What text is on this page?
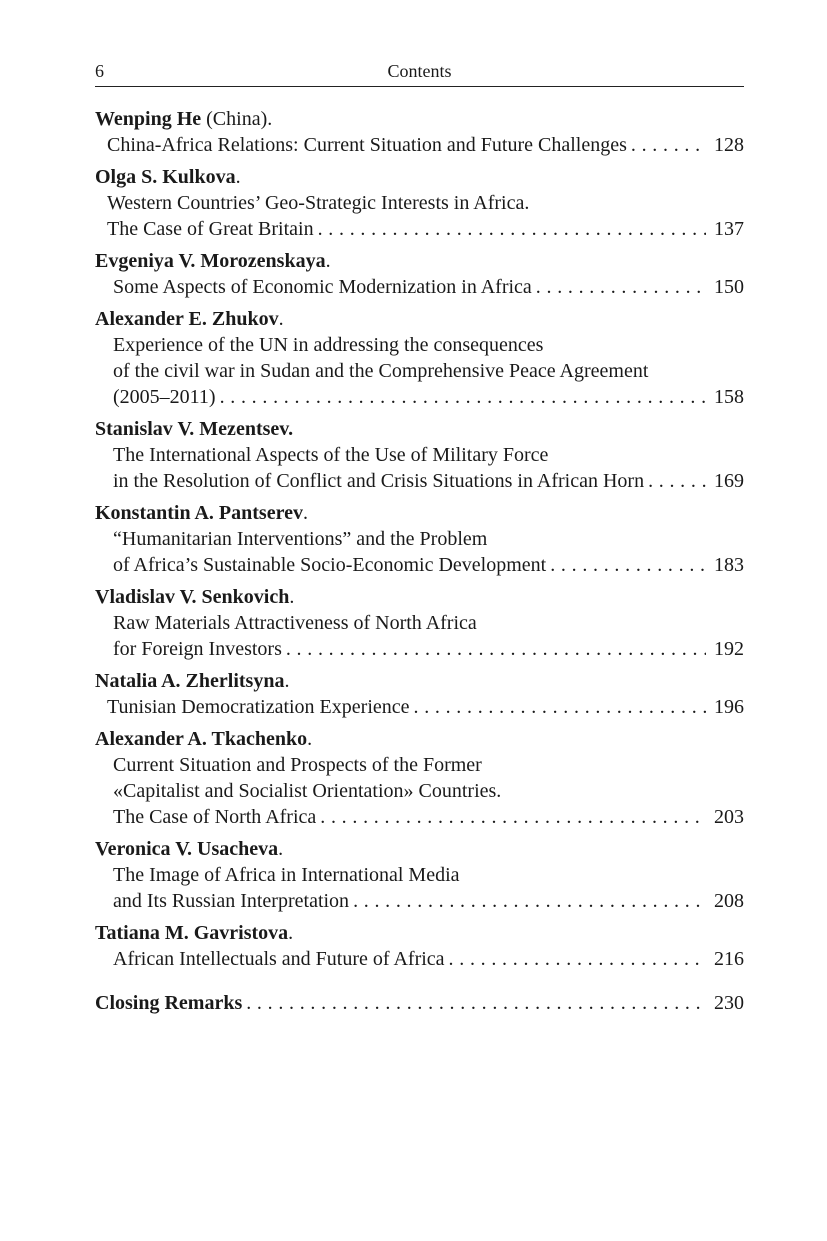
6	Contents
Wenping He (China).
China-Africa Relations: Current Situation and Future Challenges . . .	128
Olga S. Kulkova.
Western Countries’ Geo-Strategic Interests in Africa.
The Case of Great Britain . . .	137
Evgeniya V. Morozenskaya.
Some Aspects of Economic Modernization in Africa . . .	150
Alexander E. Zhukov.
Experience of the UN in addressing the consequences
of the civil war in Sudan and the Comprehensive Peace Agreement
(2005–2011) . . .	158
Stanislav V. Mezentsev.
The International Aspects of the Use of Military Force
in the Resolution of Conflict and Crisis Situations in African Horn . . .	169
Konstantin A. Pantserev.
“Humanitarian Interventions” and the Problem
of Africa’s Sustainable Socio-Economic Development . . .	183
Vladislav V. Senkovich.
Raw Materials Attractiveness of North Africa
for Foreign Investors . . .	192
Natalia A. Zherlitsyna.
Tunisian Democratization Experience . . .	196
Alexander A. Tkachenko.
Current Situation and Prospects of the Former
«Capitalist and Socialist Orientation» Countries.
The Case of North Africa . . .	203
Veronica V. Usacheva.
The Image of Africa in International Media
and Its Russian Interpretation . . .	208
Tatiana M. Gavristova.
African Intellectuals and Future of Africa . . .	216
Closing Remarks . . .	230
